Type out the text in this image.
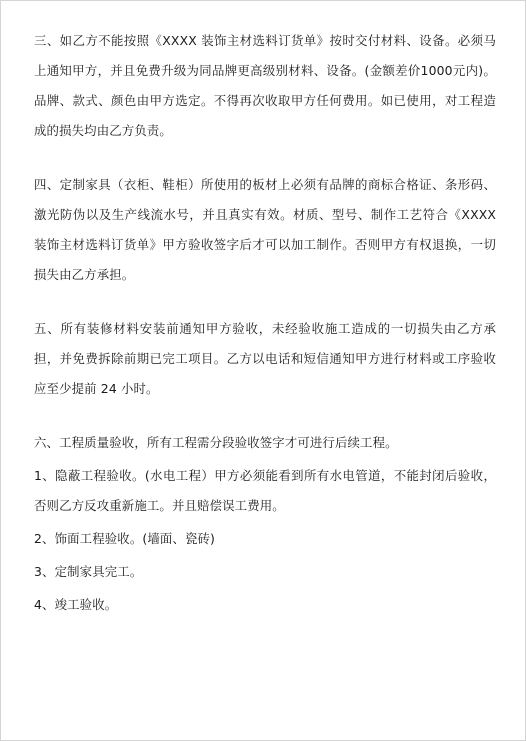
三、如乙方不能按照《XXXX 装饰主材选料订货单》按时交付材料、设备。必须马上通知甲方，并且免费升级为同品牌更高级别材料、设备。(金额差价1000元内)。品牌、款式、颜色由甲方选定。不得再次收取甲方任何费用。如已使用，对工程造成的损失均由乙方负责。

四、定制家具（衣柜、鞋柜）所使用的板材上必须有品牌的商标合格证、条形码、激光防伪以及生产线流水号，并且真实有效。材质、型号、制作工艺符合《XXXX 装饰主材选料订货单》甲方验收签字后才可以加工制作。否则甲方有权退换，一切损失由乙方承担。

五、所有装修材料安装前通知甲方验收，未经验收施工造成的一切损失由乙方承担，并免费拆除前期已完工项目。乙方以电话和短信通知甲方进行材料或工序验收应至少提前 24 小时。

六、工程质量验收，所有工程需分段验收签字才可进行后续工程。

1、隐蔽工程验收。(水电工程）甲方必须能看到所有水电管道，不能封闭后验收，否则乙方反攻重新施工。并且赔偿误工费用。

2、饰面工程验收。(墙面、瓷砖)

3、定制家具完工。

4、竣工验收。
